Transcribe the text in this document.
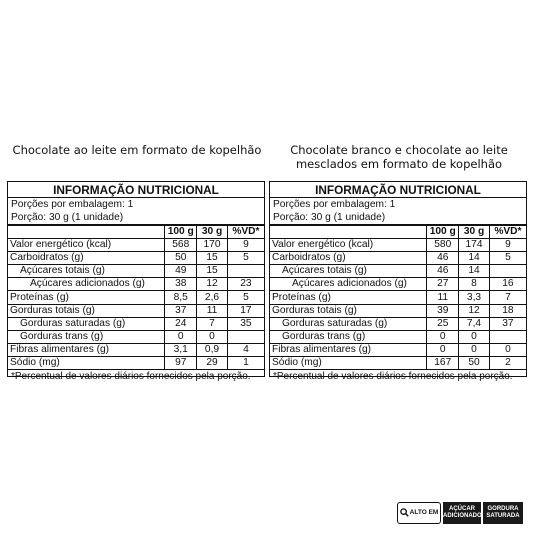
Chocolate ao leite em formato de kopelhão	Chocolate branco e chocolate ao leite
mesclados em formato de kopelhão
INFORMAÇÃO NUTRICIONAL
Porções por embalagem: 1
Porção: 30 g (1 unidade)
	100 g	30 g	%VD*
Valor energético (kcal)	568	170	9
Carboidratos (g)	50	15	5
Açúcares totais (g)	49	15	
Açúcares adicionados (g)	38	12	23
Proteínas (g)	8,5	2,6	5
Gorduras totais (g)	37	11	17
Gorduras saturadas (g)	24	7	35
Gorduras trans (g)	0	0	
Fibras alimentares (g)	3,1	0,9	4
Sódio (mg)	97	29	1
*Percentual de valores diários fornecidos pela porção.
INFORMAÇÃO NUTRICIONAL
Porções por embalagem: 1
Porção: 30 g (1 unidade)
	100 g	30 g	%VD*
Valor energético (kcal)	580	174	9
Carboidratos (g)	46	14	5
Açúcares totais (g)	46	14	
Açúcares adicionados (g)	27	8	16
Proteínas (g)	11	3,3	7
Gorduras totais (g)	39	12	18
Gorduras saturadas (g)	25	7,4	37
Gorduras trans (g)	0	0	
Fibras alimentares (g)	0	0	0
Sódio (mg)	167	50	2
*Percentual de valores diários fornecidos pela porção.
ALTO EM
AÇÚCAR
ADICIONADO
GORDURA
SATURADA
